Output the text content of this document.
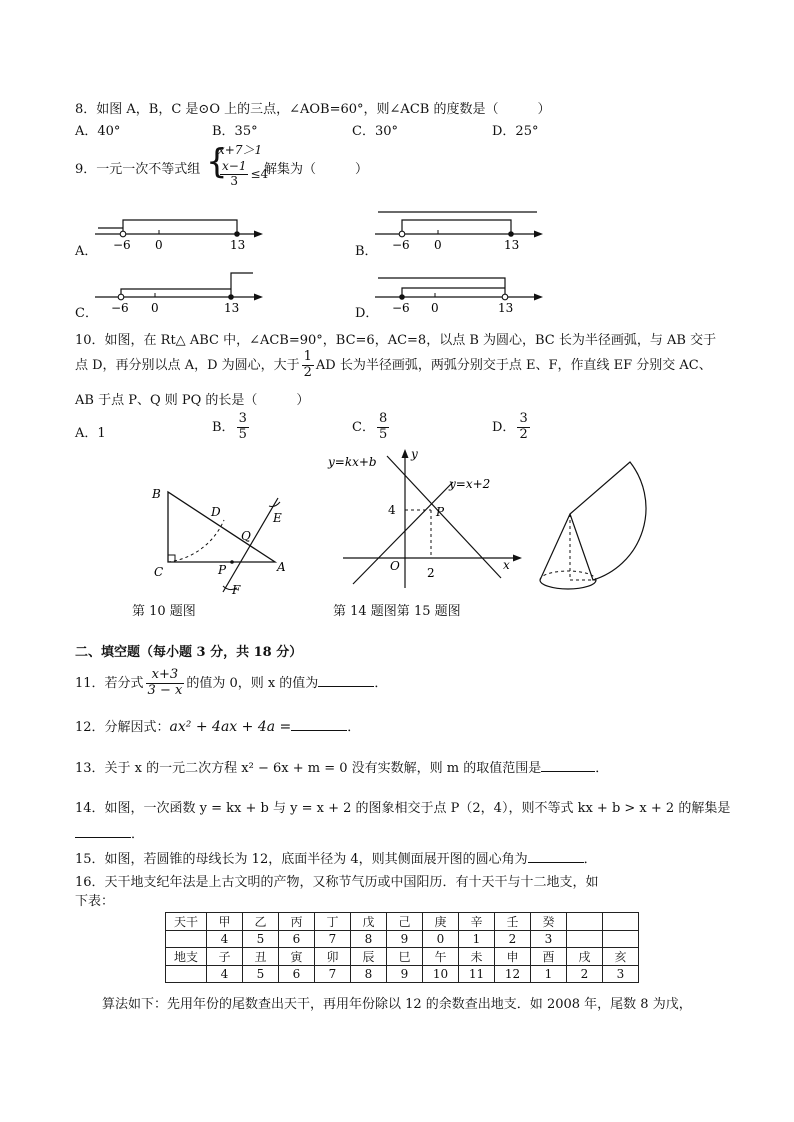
8．如图 A，B，C 是⊙O 上的三点，∠AOB=60°，则∠ACB 的度数是（　　　）
A．40°	B．35°	C．30°	D．25°
9．一元一次不等式组 {
x+7＞1
$\frac{x-1}{3} \le 4$
解集为（　　　）
A． −6 0	13	B． −6 0	13
C． −6 0	13	D． −6 0	13
10．如图，在 Rt△ ABC 中，∠ACB=90°，BC=6，AC=8，以点 B 为圆心，BC 长为半径画弧，与 AB 交于
点 D，再分别以点 A，D 为圆心，大于 $\frac{1}{2}$ AD 长为半径画弧，两弧分别交于点 E、F，作直线 EF 分别交 AC、
AB 于点 P、Q 则 PQ 的长是（　　　）
A．1	B． $\frac{3}{5}$	C． $\frac{8}{5}$	D． $\frac{3}{2}$
B
D	E
Q
C	P	A
F
y=kx+b
y=x+2
y
x
O
4
2
P
第 10 题图	第 14 题图第 15 题图
二、填空题（每小题 3 分，共 18 分）
11．若分式 $\frac{x+3}{3 - x}$ 的值为 0，则 x 的值为	．
12．分解因式：ax² + 4ax + 4a =	．
13．关于 x 的一元二次方程 x² − 6x + m = 0 没有实数解，则 m 的取值范围是	．
14．如图，一次函数 y = kx + b 与 y = x + 2 的图象相交于点 P（2，4），则不等式 kx + b > x + 2 的解集是
．
15．如图，若圆锥的母线长为 12，底面半径为 4，则其侧面展开图的圆心角为	．
16．天干地支纪年法是上古文明的产物，又称节气历或中国阳历．有十天干与十二地支，如
下表：
天干	甲	乙	丙	丁	戊	己	庚	辛	壬	癸		
	4	5	6	7	8	9	0	1	2	3		
地支	子	丑	寅	卯	辰	巳	午	未	申	酉	戌	亥
	4	5	6	7	8	9	10	11	12	1	2	3
算法如下：先用年份的尾数查出天干，再用年份除以 12 的余数查出地支．如 2008 年，尾数 8 为戊，
